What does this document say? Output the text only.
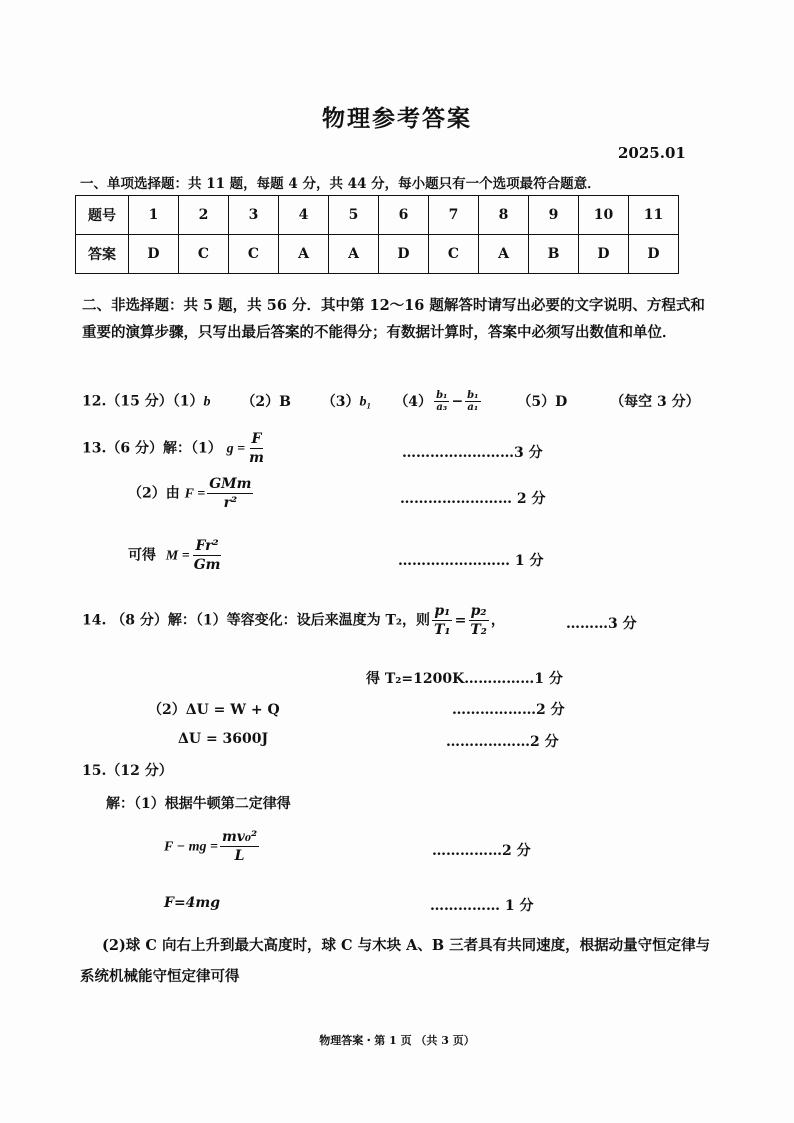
物理参考答案
2025.01
一、单项选择题：共 11 题，每题 4 分，共 44 分，每小题只有一个选项最符合题意．
题号	1	2	3	4	5	6	7	8	9	10	11
答案	D	C	C	A	A	D	C	A	B	D	D
二、非选择题：共 5 题，共 56 分．其中第 12～16 题解答时请写出必要的文字说明、方程式和重要的演算步骤，只写出最后答案的不能得分；有数据计算时，答案中必须写出数值和单位．
12.（15 分）（1）b （2）B （3）b₁ $(4) \frac{\text{b₁}}{\text{a₃}} - \frac{\text{b₁}}{\text{a₁}}$	（5）D	（每空 3 分）
13.（6 分）解：（1） $g = \frac{F}{m}$	……………………3 分
（2）由 $F = \frac{\text{GMm}}{\text{r²}}$	…………………… 2 分
可得 $M = \frac{\text{Fr²}}{Gm}$	…………………… 1 分
14. （8 分）解：（1）等容变化：设后来温度为 T₂，则 $\frac{\text{p₁}}{\text{T₁}} = \frac{\text{p₂}}{\text{T₂}}$ ，	………3 分
得 T₂=1200K……………1 分
（2）ΔU = W + Q	………………2 分
ΔU = 3600J	………………2 分
15.（12 分）
解：（1）根据牛顿第二定律得
F − mg = $\frac{\text{mv₀²}}{L}$	……………2 分
F=4mg	…………… 1 分
(2)球 C 向右上升到最大高度时，球 C 与木块 A、B 三者具有共同速度，根据动量守恒定律与系统机械能守恒定律可得
物理答案・第 1 页 （共 3 页）
